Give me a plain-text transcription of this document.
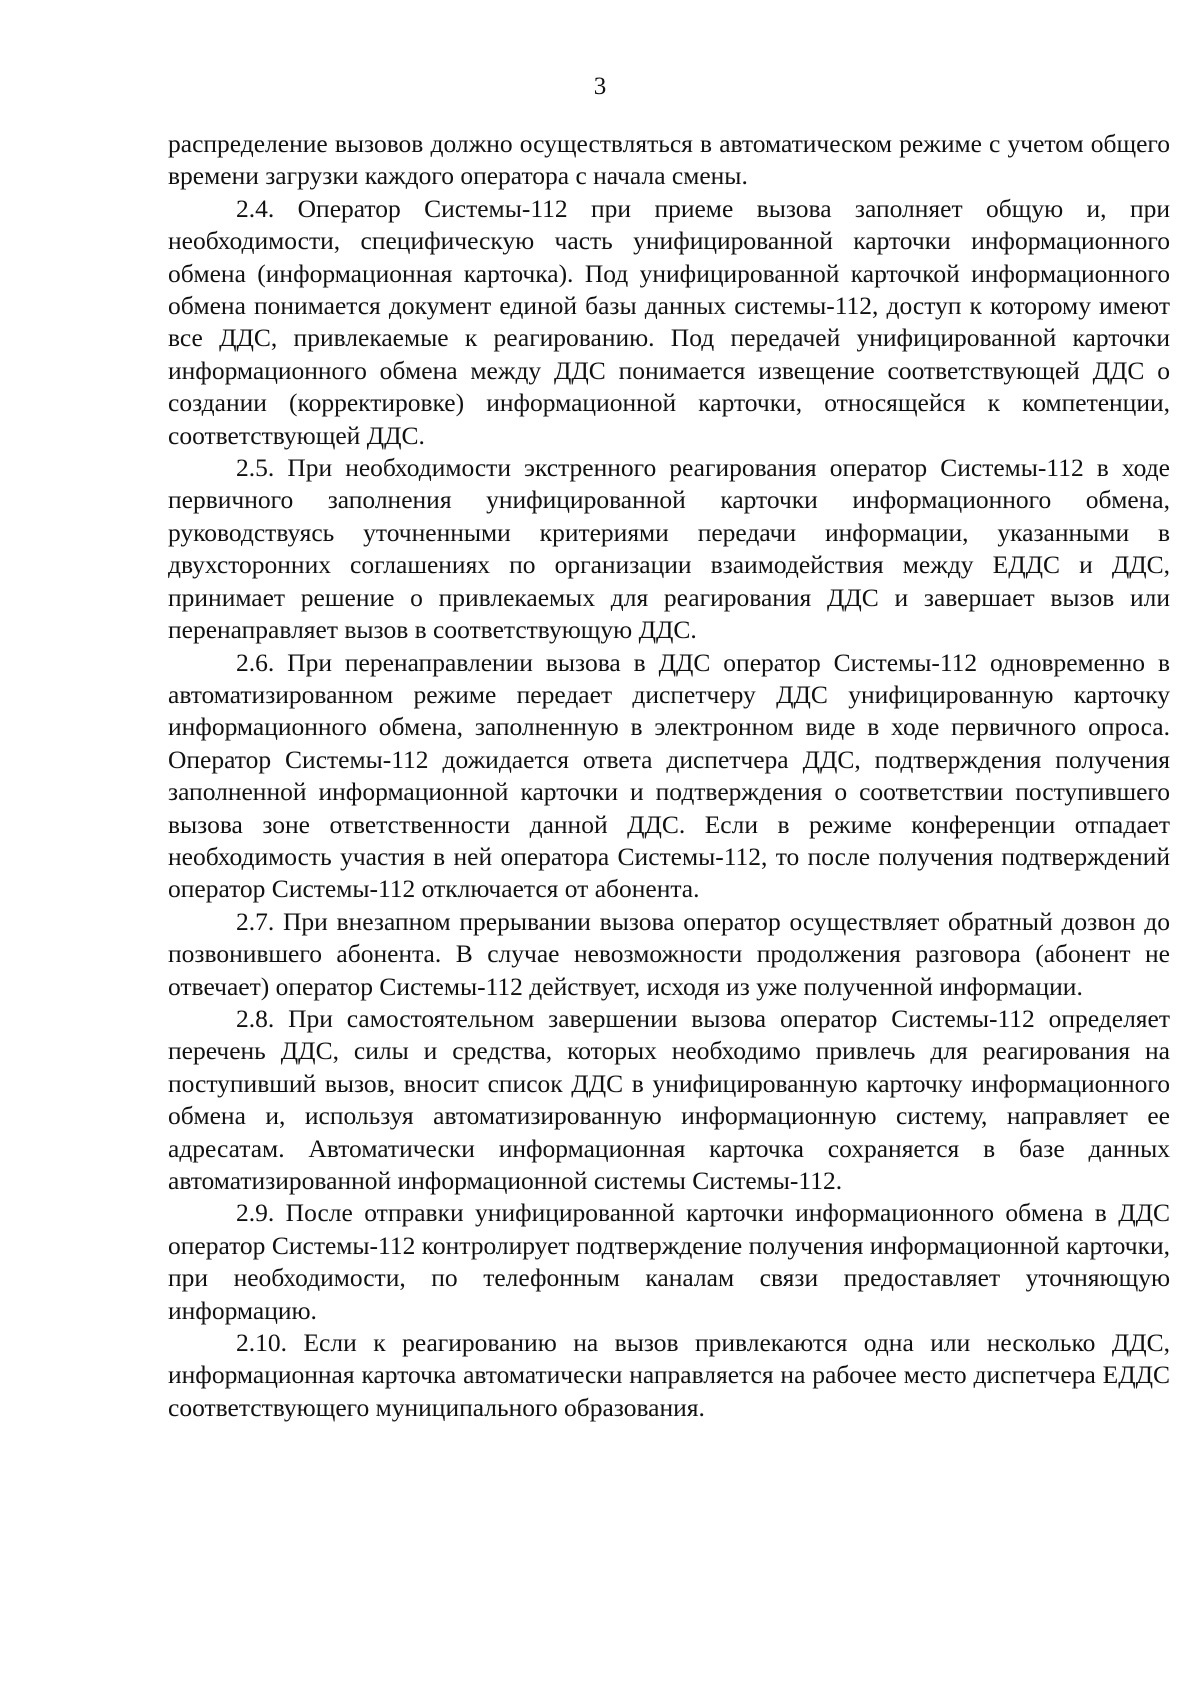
3

распределение вызовов должно осуществляться в автоматическом режиме с учетом общего времени загрузки каждого оператора с начала смены.

2.4. Оператор Системы-112 при приеме вызова заполняет общую и, при необходимости, специфическую часть унифицированной карточки информационного обмена (информационная карточка). Под унифицированной карточкой информационного обмена понимается документ единой базы данных системы-112, доступ к которому имеют все ДДС, привлекаемые к реагированию. Под передачей унифицированной карточки информационного обмена между ДДС понимается извещение соответствующей ДДС о создании (корректировке) информационной карточки, относящейся к компетенции, соответствующей ДДС.

2.5. При необходимости экстренного реагирования оператор Системы-112 в ходе первичного заполнения унифицированной карточки информационного обмена, руководствуясь уточненными критериями передачи информации, указанными в двухсторонних соглашениях по организации взаимодействия между ЕДДС и ДДС, принимает решение о привлекаемых для реагирования ДДС и завершает вызов или перенаправляет вызов в соответствующую ДДС.

2.6. При перенаправлении вызова в ДДС оператор Системы-112 одновременно в автоматизированном режиме передает диспетчеру ДДС унифицированную карточку информационного обмена, заполненную в электронном виде в ходе первичного опроса. Оператор Системы-112 дожидается ответа диспетчера ДДС, подтверждения получения заполненной информационной карточки и подтверждения о соответствии поступившего вызова зоне ответственности данной ДДС. Если в режиме конференции отпадает необходимость участия в ней оператора Системы-112, то после получения подтверждений оператор Системы-112 отключается от абонента.

2.7. При внезапном прерывании вызова оператор осуществляет обратный дозвон до позвонившего абонента. В случае невозможности продолжения разговора (абонент не отвечает) оператор Системы-112 действует, исходя из уже полученной информации.

2.8. При самостоятельном завершении вызова оператор Системы-112 определяет перечень ДДС, силы и средства, которых необходимо привлечь для реагирования на поступивший вызов, вносит список ДДС в унифицированную карточку информационного обмена и, используя автоматизированную информационную систему, направляет ее адресатам. Автоматически информационная карточка сохраняется в базе данных автоматизированной информационной системы Системы-112.

2.9. После отправки унифицированной карточки информационного обмена в ДДС оператор Системы-112 контролирует подтверждение получения информационной карточки, при необходимости, по телефонным каналам связи предоставляет уточняющую информацию.

2.10. Если к реагированию на вызов привлекаются одна или несколько ДДС, информационная карточка автоматически направляется на рабочее место диспетчера ЕДДС соответствующего муниципального образования.
